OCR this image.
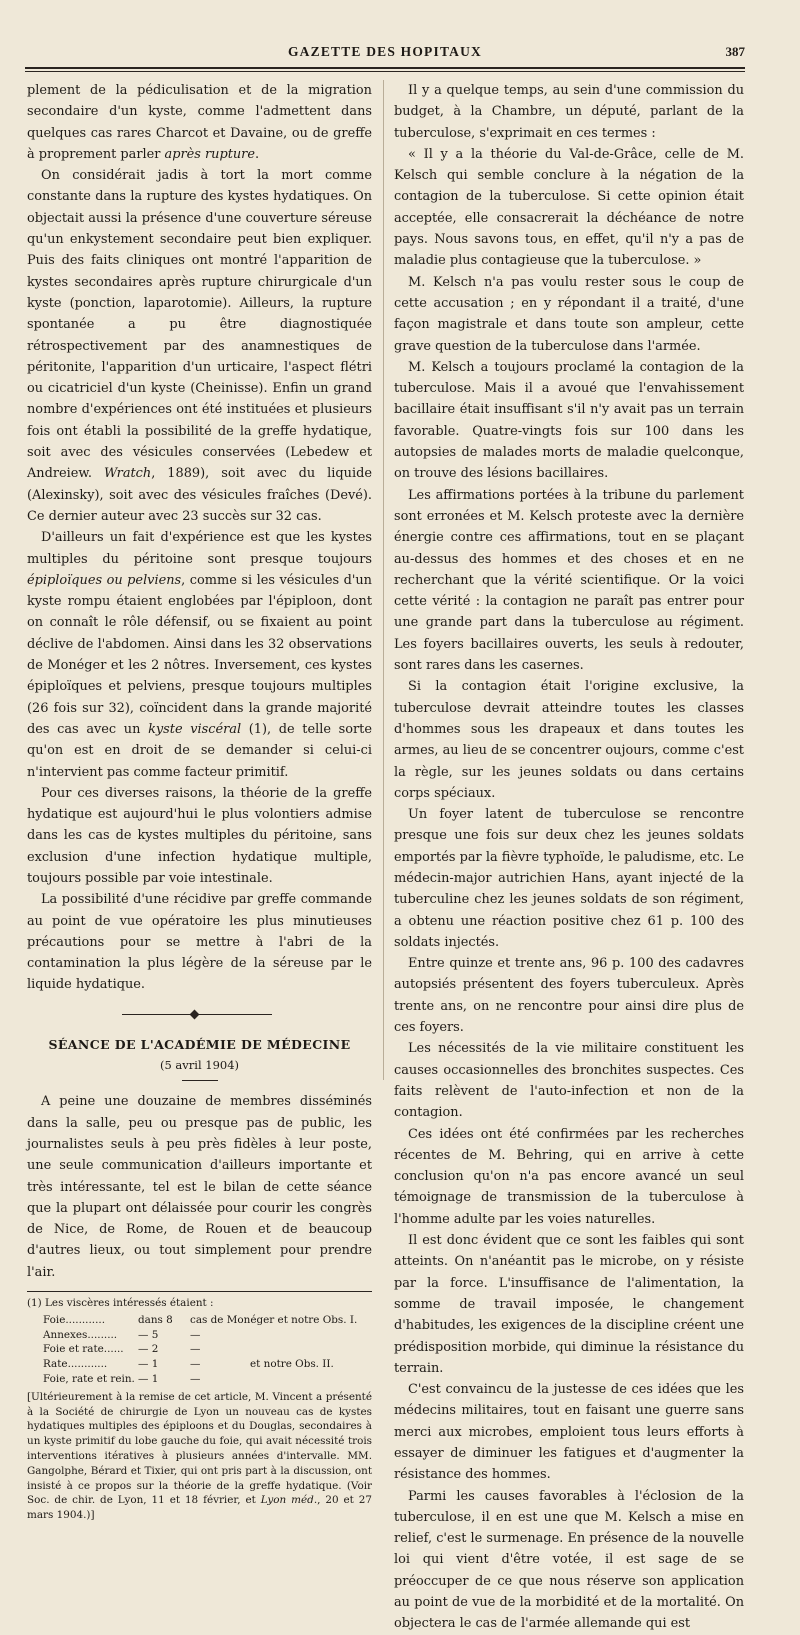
GAZETTE DES HOPITAUX	387

plement de la pédiculisation et de la migration secondaire d'un kyste, comme l'admettent dans quelques cas rares Charcot et Davaine, ou de greffe à proprement parler après rupture.

On considérait jadis à tort la mort comme constante dans la rupture des kystes hydatiques. On objectait aussi la présence d'une couverture séreuse qu'un enkystement secondaire peut bien expliquer. Puis des faits cliniques ont montré l'apparition de kystes secondaires après rupture chirurgicale d'un kyste (ponction, laparotomie). Ailleurs, la rupture spontanée a pu être diagnostiquée rétrospectivement par des anamnestiques de péritonite, l'apparition d'un urticaire, l'aspect flétri ou cicatriciel d'un kyste (Cheinisse). Enfin un grand nombre d'expériences ont été instituées et plusieurs fois ont établi la possibilité de la greffe hydatique, soit avec des vésicules conservées (Lebedew et Andreiew. Wratch, 1889), soit avec du liquide (Alexinsky), soit avec des vésicules fraîches (Devé). Ce dernier auteur avec 23 succès sur 32 cas.

D'ailleurs un fait d'expérience est que les kystes multiples du péritoine sont presque toujours épiploïques ou pelviens, comme si les vésicules d'un kyste rompu étaient englobées par l'épiploon, dont on connaît le rôle défensif, ou se fixaient au point déclive de l'abdomen. Ainsi dans les 32 observations de Monéger et les 2 nôtres. Inversement, ces kystes épiploïques et pelviens, presque toujours multiples (26 fois sur 32), coïncident dans la grande majorité des cas avec un kyste viscéral (1), de telle sorte qu'on est en droit de se demander si celui-ci n'intervient pas comme facteur primitif.

Pour ces diverses raisons, la théorie de la greffe hydatique est aujourd'hui le plus volontiers admise dans les cas de kystes multiples du péritoine, sans exclusion d'une infection hydatique multiple, toujours possible par voie intestinale.

La possibilité d'une récidive par greffe commande au point de vue opératoire les plus minutieuses précautions pour se mettre à l'abri de la contamination la plus légère de la séreuse par le liquide hydatique.

SÉANCE DE L'ACADÉMIE DE MÉDECINE
(5 avril 1904)

A peine une douzaine de membres disséminés dans la salle, peu ou presque pas de public, les journalistes seuls à peu près fidèles à leur poste, une seule communication d'ailleurs importante et très intéressante, tel est le bilan de cette séance que la plupart ont délaissée pour courir les congrès de Nice, de Rome, de Rouen et de beaucoup d'autres lieux, ou tout simplement pour prendre l'air.

(1) Les viscères intéressés étaient :

Foie............	dans 8	cas de Monéger et notre Obs. I.	
Annexes.........	— 5	—	
Foie et rate......	— 2	—	
Rate............	— 1	—	et notre Obs. II.
Foie, rate et rein.	— 1	—	

[Ultérieurement à la remise de cet article, M. Vincent a présenté à la Société de chirurgie de Lyon un nouveau cas de kystes hydatiques multiples des épiploons et du Douglas, secondaires à un kyste primitif du lobe gauche du foie, qui avait nécessité trois interventions itératives à plusieurs années d'intervalle. MM. Gangolphe, Bérard et Tixier, qui ont pris part à la discussion, ont insisté à ce propos sur la théorie de la greffe hydatique. (Voir Soc. de chir. de Lyon, 11 et 18 février, et Lyon méd., 20 et 27 mars 1904.)]

Il y a quelque temps, au sein d'une commission du budget, à la Chambre, un député, parlant de la tuberculose, s'exprimait en ces termes :

« Il y a la théorie du Val-de-Grâce, celle de M. Kelsch qui semble conclure à la négation de la contagion de la tuberculose. Si cette opinion était acceptée, elle consacrerait la déchéance de notre pays. Nous savons tous, en effet, qu'il n'y a pas de maladie plus contagieuse que la tuberculose. »

M. Kelsch n'a pas voulu rester sous le coup de cette accusation ; en y répondant il a traité, d'une façon magistrale et dans toute son ampleur, cette grave question de la tuberculose dans l'armée.

M. Kelsch a toujours proclamé la contagion de la tuberculose. Mais il a avoué que l'envahissement bacillaire était insuffisant s'il n'y avait pas un terrain favorable. Quatre-vingts fois sur 100 dans les autopsies de malades morts de maladie quelconque, on trouve des lésions bacillaires.

Les affirmations portées à la tribune du parlement sont erronées et M. Kelsch proteste avec la dernière énergie contre ces affirmations, tout en se plaçant au-dessus des hommes et des choses et en ne recherchant que la vérité scientifique. Or la voici cette vérité : la contagion ne paraît pas entrer pour une grande part dans la tuberculose au régiment. Les foyers bacillaires ouverts, les seuls à redouter, sont rares dans les casernes.

Si la contagion était l'origine exclusive, la tuberculose devrait atteindre toutes les classes d'hommes sous les drapeaux et dans toutes les armes, au lieu de se concentrer oujours, comme c'est la règle, sur les jeunes soldats ou dans certains corps spéciaux.

Un foyer latent de tuberculose se rencontre presque une fois sur deux chez les jeunes soldats emportés par la fièvre typhoïde, le paludisme, etc. Le médecin-major autrichien Hans, ayant injecté de la tuberculine chez les jeunes soldats de son régiment, a obtenu une réaction positive chez 61 p. 100 des soldats injectés.

Entre quinze et trente ans, 96 p. 100 des cadavres autopsiés présentent des foyers tuberculeux. Après trente ans, on ne rencontre pour ainsi dire plus de ces foyers.

Les nécessités de la vie militaire constituent les causes occasionnelles des bronchites suspectes. Ces faits relèvent de l'auto-infection et non de la contagion.

Ces idées ont été confirmées par les recherches récentes de M. Behring, qui en arrive à cette conclusion qu'on n'a pas encore avancé un seul témoignage de transmission de la tuberculose à l'homme adulte par les voies naturelles.

Il est donc évident que ce sont les faibles qui sont atteints. On n'anéantit pas le microbe, on y résiste par la force. L'insuffisance de l'alimentation, la somme de travail imposée, le changement d'habitudes, les exigences de la discipline créent une prédisposition morbide, qui diminue la résistance du terrain.

C'est convaincu de la justesse de ces idées que les médecins militaires, tout en faisant une guerre sans merci aux microbes, emploient tous leurs efforts à essayer de diminuer les fatigues et d'augmenter la résistance des hommes.

Parmi les causes favorables à l'éclosion de la tuberculose, il en est une que M. Kelsch a mise en relief, c'est le surmenage. En présence de la nouvelle loi qui vient d'être votée, il est sage de se préoccuper de ce que nous réserve son application au point de vue de la morbidité et de la mortalité. On objectera le cas de l'armée allemande qui est
